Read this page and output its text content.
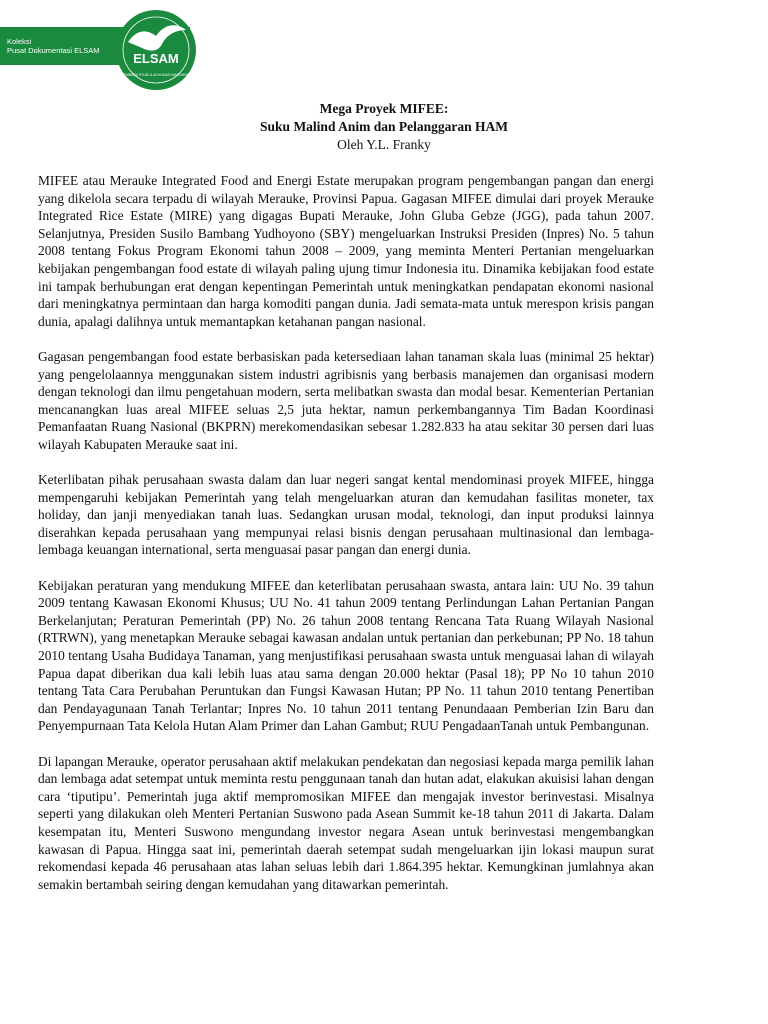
Koleksi
Pusat Dokumentasi ELSAM
ELSAM
LEMBAGA STUDI & ADVOKASI MASYARAKAT
Mega Proyek MIFEE:
Suku Malind Anim dan Pelanggaran HAM
Oleh Y.L. Franky

MIFEE atau Merauke Integrated Food and Energi Estate merupakan program pengembangan pangan dan energi yang dikelola secara terpadu di wilayah Merauke, Provinsi Papua. Gagasan MIFEE dimulai dari proyek Merauke Integrated Rice Estate (MIRE) yang digagas Bupati Merauke, John Gluba Gebze (JGG), pada tahun 2007. Selanjutnya, Presiden Susilo Bambang Yudhoyono (SBY) mengeluarkan Instruksi Presiden (Inpres) No. 5 tahun 2008 tentang Fokus Program Ekonomi tahun 2008 – 2009, yang meminta Menteri Pertanian mengeluarkan kebijakan pengembangan food estate di wilayah paling ujung timur Indonesia itu. Dinamika kebijakan food estate ini tampak berhubungan erat dengan kepentingan Pemerintah untuk meningkatkan pendapatan ekonomi nasional dari meningkatnya permintaan dan harga komoditi pangan dunia. Jadi semata-mata untuk merespon krisis pangan dunia, apalagi dalihnya untuk memantapkan ketahanan pangan nasional.

Gagasan pengembangan food estate berbasiskan pada ketersediaan lahan tanaman skala luas (minimal 25 hektar) yang pengelolaannya menggunakan sistem industri agribisnis yang berbasis manajemen dan organisasi modern dengan teknologi dan ilmu pengetahuan modern, serta melibatkan swasta dan modal besar. Kementerian Pertanian mencanangkan luas areal MIFEE seluas 2,5 juta hektar, namun perkembangannya Tim Badan Koordinasi Pemanfaatan Ruang Nasional (BKPRN) merekomendasikan sebesar 1.282.833 ha atau sekitar 30 persen dari luas wilayah Kabupaten Merauke saat ini.

Keterlibatan pihak perusahaan swasta dalam dan luar negeri sangat kental mendominasi proyek MIFEE, hingga mempengaruhi kebijakan Pemerintah yang telah mengeluarkan aturan dan kemudahan fasilitas moneter, tax holiday, dan janji menyediakan tanah luas. Sedangkan urusan modal, teknologi, dan input produksi lainnya diserahkan kepada perusahaan yang mempunyai relasi bisnis dengan perusahaan multinasional dan lembaga-lembaga keuangan international, serta menguasai pasar pangan dan energi dunia.

Kebijakan peraturan yang mendukung MIFEE dan keterlibatan perusahaan swasta, antara lain: UU No. 39 tahun 2009 tentang Kawasan Ekonomi Khusus; UU No. 41 tahun 2009 tentang Perlindungan Lahan Pertanian Pangan Berkelanjutan; Peraturan Pemerintah (PP) No. 26 tahun 2008 tentang Rencana Tata Ruang Wilayah Nasional (RTRWN), yang menetapkan Merauke sebagai kawasan andalan untuk pertanian dan perkebunan; PP No. 18 tahun 2010 tentang Usaha Budidaya Tanaman, yang menjustifikasi perusahaan swasta untuk menguasai lahan di wilayah Papua dapat diberikan dua kali lebih luas atau sama dengan 20.000 hektar (Pasal 18); PP No 10 tahun 2010 tentang Tata Cara Perubahan Peruntukan dan Fungsi Kawasan Hutan; PP No. 11 tahun 2010 tentang Penertiban dan Pendayagunaan Tanah Terlantar; Inpres No. 10 tahun 2011 tentang Penundaaan Pemberian Izin Baru dan Penyempurnaan Tata Kelola Hutan Alam Primer dan Lahan Gambut; RUU PengadaanTanah untuk Pembangunan.

Di lapangan Merauke, operator perusahaan aktif melakukan pendekatan dan negosiasi kepada marga pemilik lahan dan lembaga adat setempat untuk meminta restu penggunaan tanah dan hutan adat, elakukan akuisisi lahan dengan cara ‘tiputipu’. Pemerintah juga aktif mempromosikan MIFEE dan mengajak investor berinvestasi. Misalnya seperti yang dilakukan oleh Menteri Pertanian Suswono pada Asean Summit ke-18 tahun 2011 di Jakarta. Dalam kesempatan itu, Menteri Suswono mengundang investor negara Asean untuk berinvestasi mengembangkan kawasan di Papua. Hingga saat ini, pemerintah daerah setempat sudah mengeluarkan ijin lokasi maupun surat rekomendasi kepada 46 perusahaan atas lahan seluas lebih dari 1.864.395 hektar. Kemungkinan jumlahnya akan semakin bertambah seiring dengan kemudahan yang ditawarkan pemerintah.
